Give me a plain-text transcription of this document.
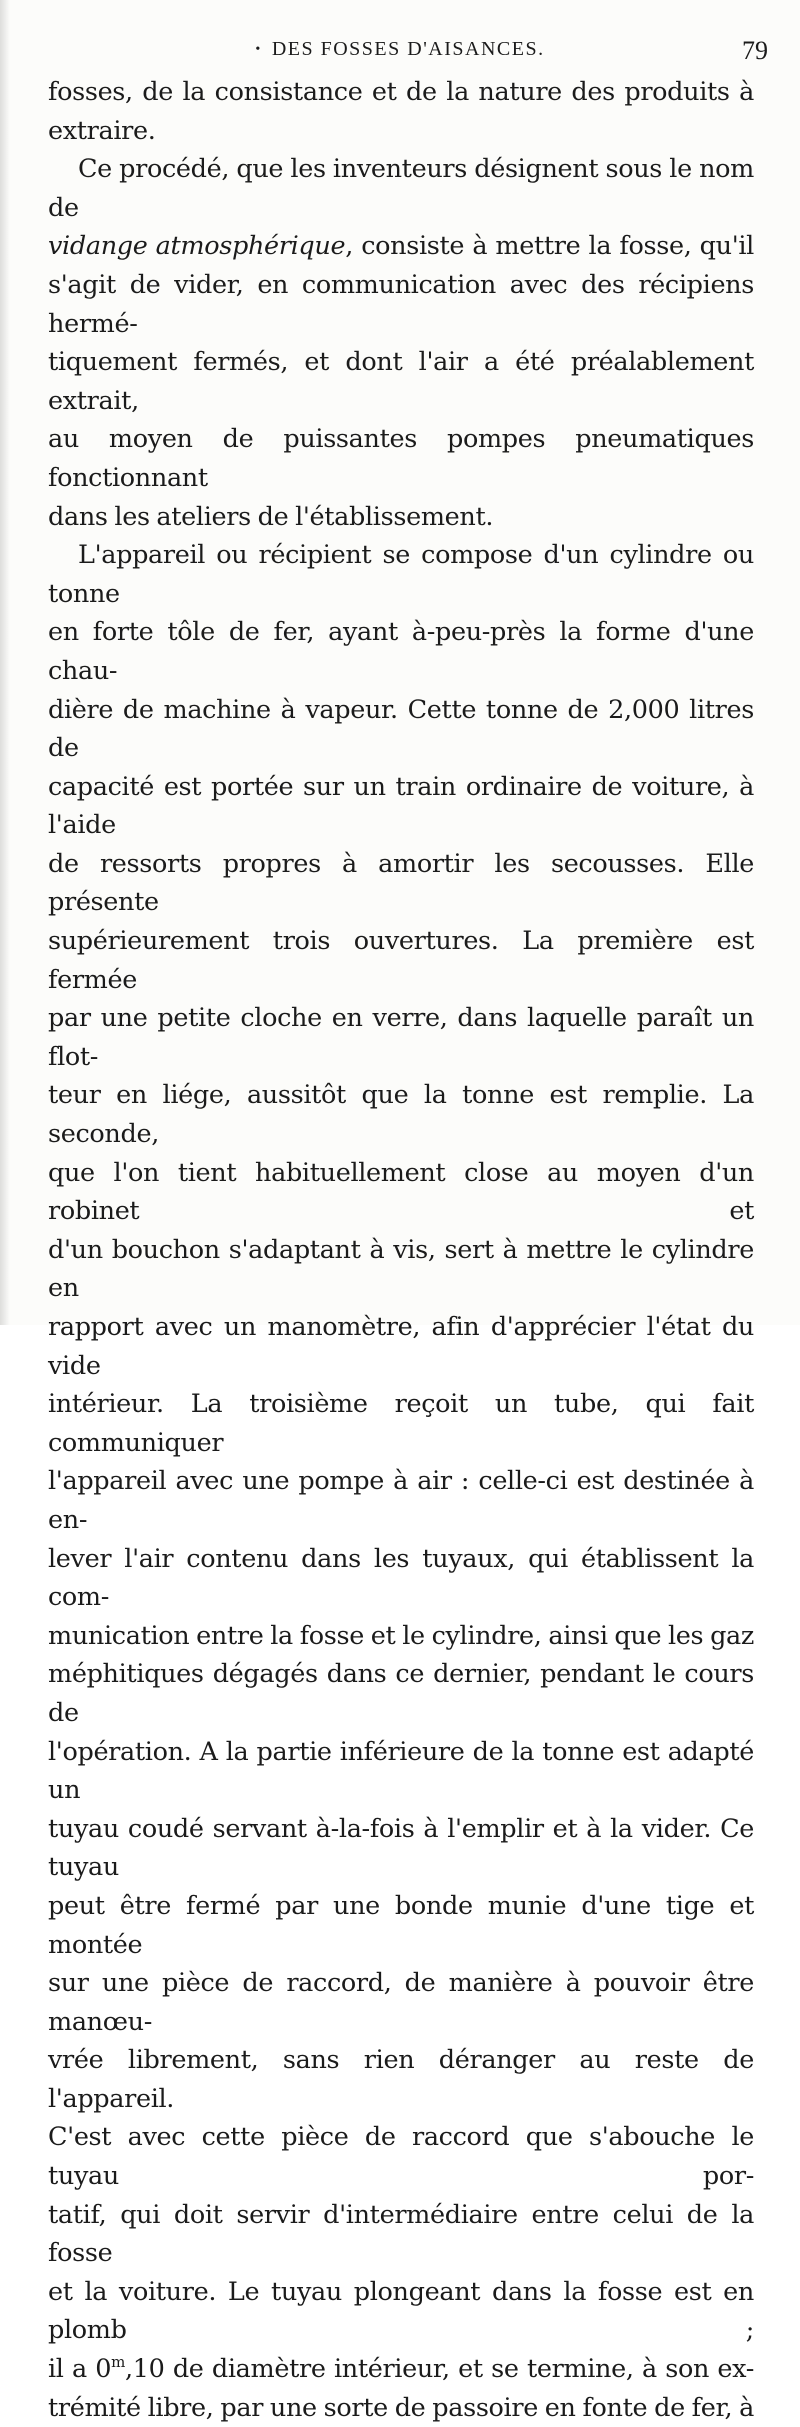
• DES FOSSES D'AISANCES.	79

fosses, de la consistance et de la nature des produits à

extraire.

Ce procédé, que les inventeurs désignent sous le nom de

vidange atmosphérique, consiste à mettre la fosse, qu'il

s'agit de vider, en communication avec des récipiens hermé-

tiquement fermés, et dont l'air a été préalablement extrait,

au moyen de puissantes pompes pneumatiques fonctionnant

dans les ateliers de l'établissement.

L'appareil ou récipient se compose d'un cylindre ou tonne

en forte tôle de fer, ayant à-peu-près la forme d'une chau-

dière de machine à vapeur. Cette tonne de 2,000 litres de

capacité est portée sur un train ordinaire de voiture, à l'aide

de ressorts propres à amortir les secousses. Elle présente

supérieurement trois ouvertures. La première est fermée

par une petite cloche en verre, dans laquelle paraît un flot-

teur en liége, aussitôt que la tonne est remplie. La seconde,

que l'on tient habituellement close au moyen d'un robinet et

d'un bouchon s'adaptant à vis, sert à mettre le cylindre en

rapport avec un manomètre, afin d'apprécier l'état du vide

intérieur. La troisième reçoit un tube, qui fait communiquer

l'appareil avec une pompe à air : celle-ci est destinée à en-

lever l'air contenu dans les tuyaux, qui établissent la com-

munication entre la fosse et le cylindre, ainsi que les gaz

méphitiques dégagés dans ce dernier, pendant le cours de

l'opération. A la partie inférieure de la tonne est adapté un

tuyau coudé servant à-la-fois à l'emplir et à la vider. Ce tuyau

peut être fermé par une bonde munie d'une tige et montée

sur une pièce de raccord, de manière à pouvoir être manœu-

vrée librement, sans rien déranger au reste de l'appareil.

C'est avec cette pièce de raccord que s'abouche le tuyau por-

tatif, qui doit servir d'intermédiaire entre celui de la fosse

et la voiture. Le tuyau plongeant dans la fosse est en plomb ;

il a 0$^m$,10 de diamètre intérieur, et se termine, à son ex-

trémité libre, par une sorte de passoire en fonte de fer, à
